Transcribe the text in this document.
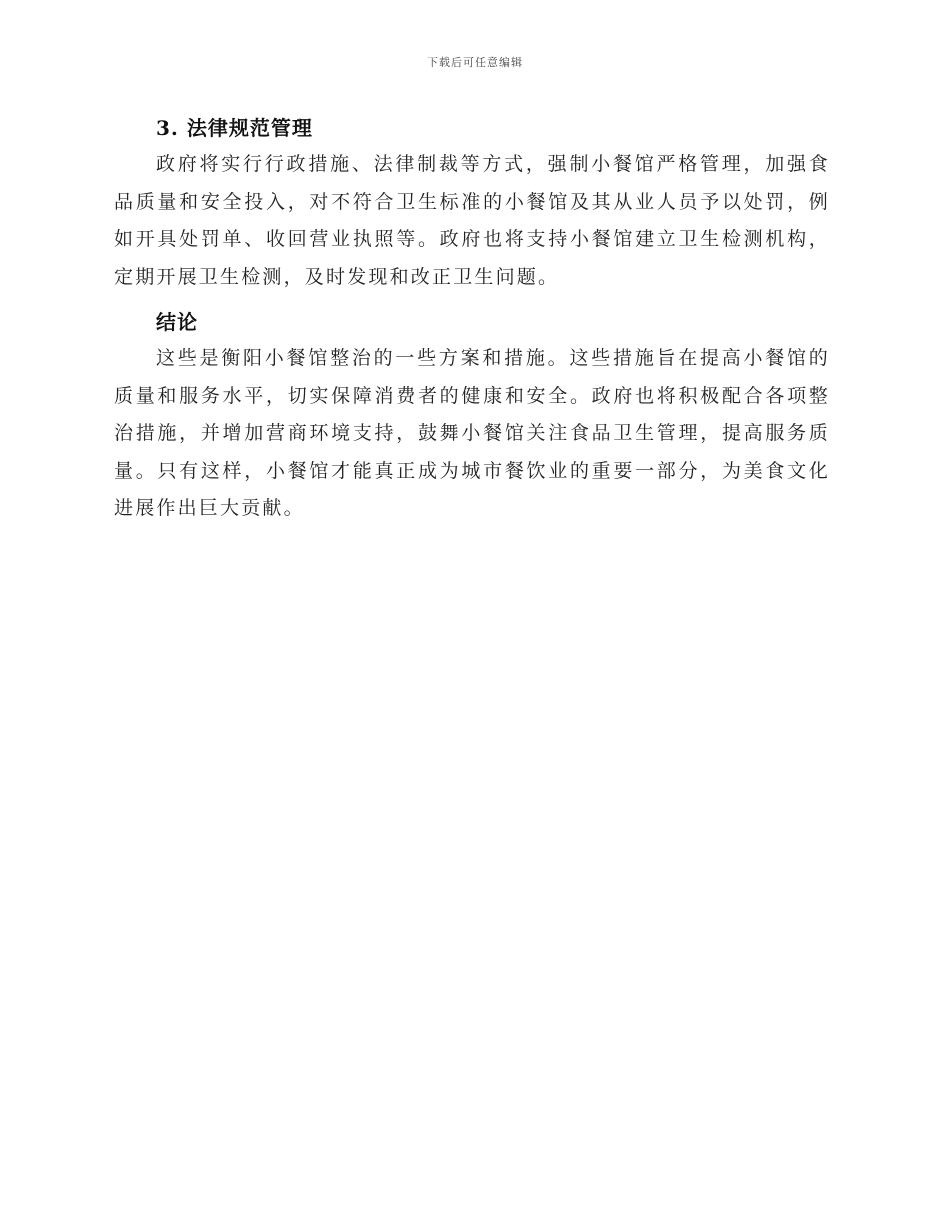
下载后可任意编辑
3. 法律规范管理

政府将实行行政措施、法律制裁等方式，强制小餐馆严格管理，加强食品质量和安全投入，对不符合卫生标准的小餐馆及其从业人员予以处罚，例如开具处罚单、收回营业执照等。政府也将支持小餐馆建立卫生检测机构，定期开展卫生检测，及时发现和改正卫生问题。

结论

这些是衡阳小餐馆整治的一些方案和措施。这些措施旨在提高小餐馆的质量和服务水平，切实保障消费者的健康和安全。政府也将积极配合各项整治措施，并增加营商环境支持，鼓舞小餐馆关注食品卫生管理，提高服务质量。只有这样，小餐馆才能真正成为城市餐饮业的重要一部分，为美食文化进展作出巨大贡献。
